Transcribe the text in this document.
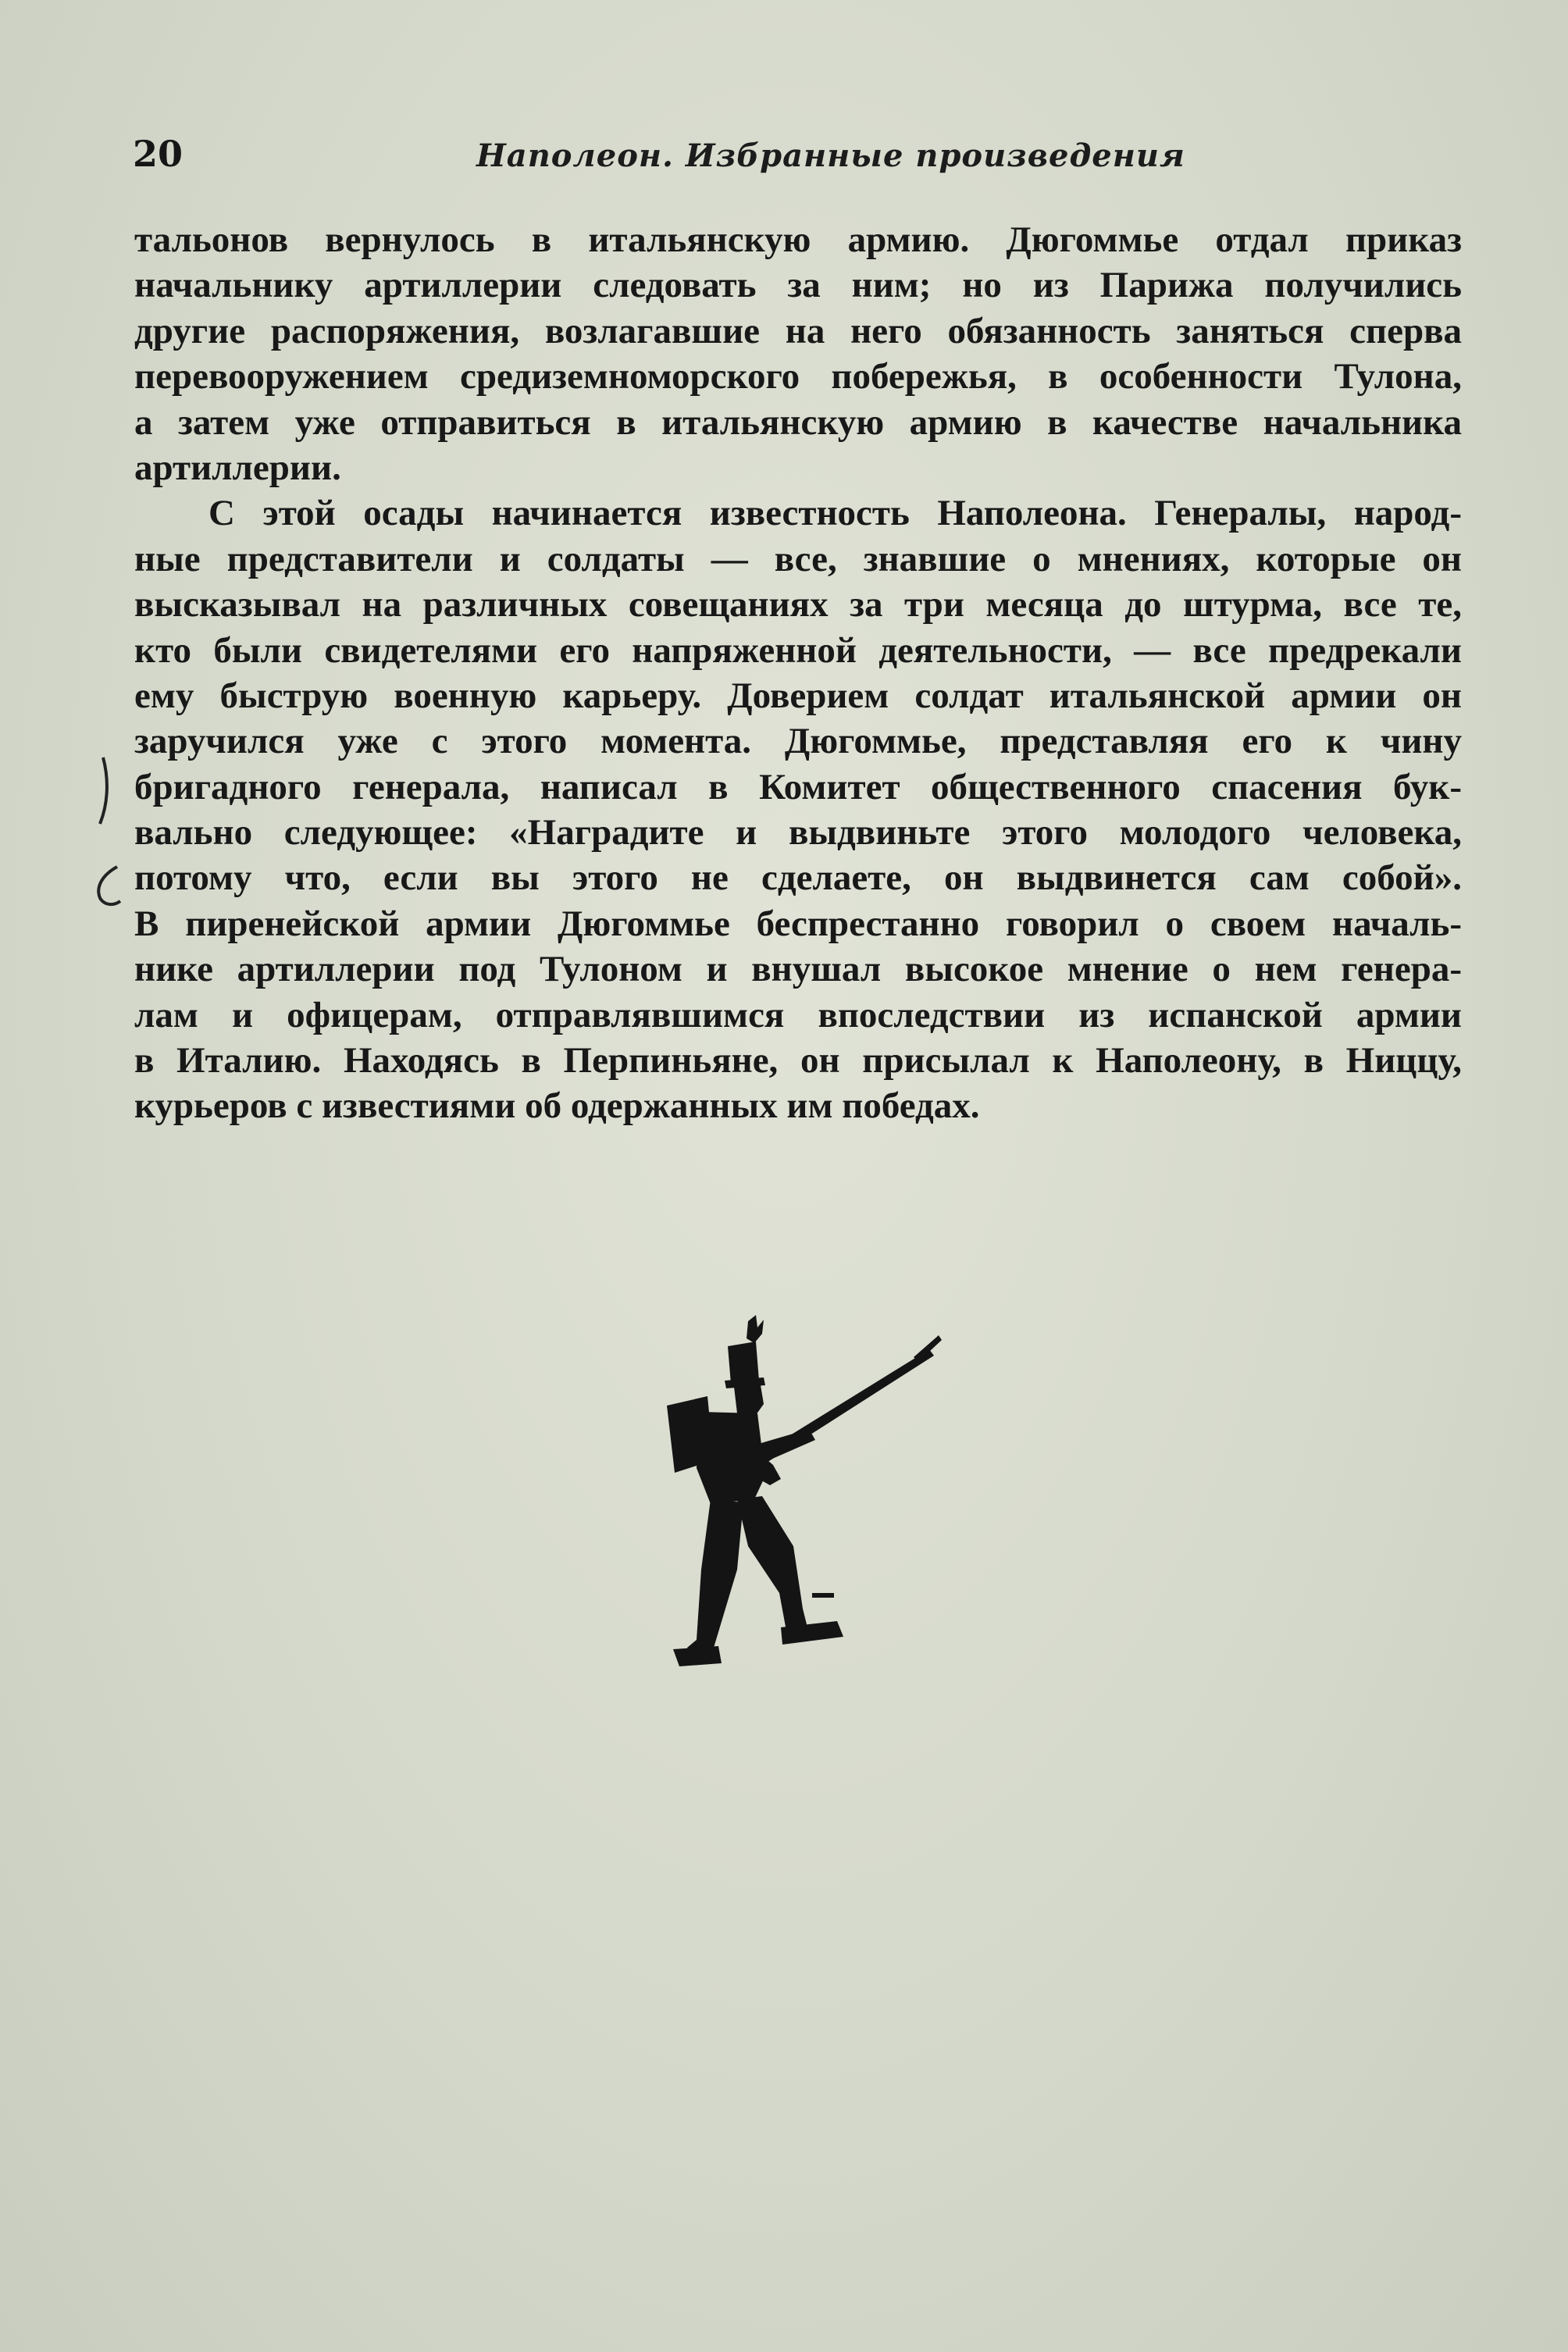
20	Наполеон. Избранные произведения
тальонов вернулось в итальянскую армию. Дюгоммье отдал приказ
начальнику артиллерии следовать за ним; но из Парижа получились
другие распоряжения, возлагавшие на него обязанность заняться сперва
перевооружением средиземноморского побережья, в особенности Тулона,
а затем уже отправиться в итальянскую армию в качестве начальника
артиллерии.
С этой осады начинается известность Наполеона. Генералы, народ-
ные представители и солдаты — все, знавшие о мнениях, которые он
высказывал на различных совещаниях за три месяца до штурма, все те,
кто были свидетелями его напряженной деятельности, — все предрекали
ему быструю военную карьеру. Доверием солдат итальянской армии он
заручился уже с этого момента. Дюгоммье, представляя его к чину
бригадного генерала, написал в Комитет общественного спасения бук-
вально следующее: «Наградите и выдвиньте этого молодого человека,
потому что, если вы этого не сделаете, он выдвинется сам собой».
В пиренейской армии Дюгоммье беспрестанно говорил о своем началь-
нике артиллерии под Тулоном и внушал высокое мнение о нем генера-
лам и офицерам, отправлявшимся впоследствии из испанской армии
в Италию. Находясь в Перпиньяне, он присылал к Наполеону, в Ниццу,
курьеров с известиями об одержанных им победах.
